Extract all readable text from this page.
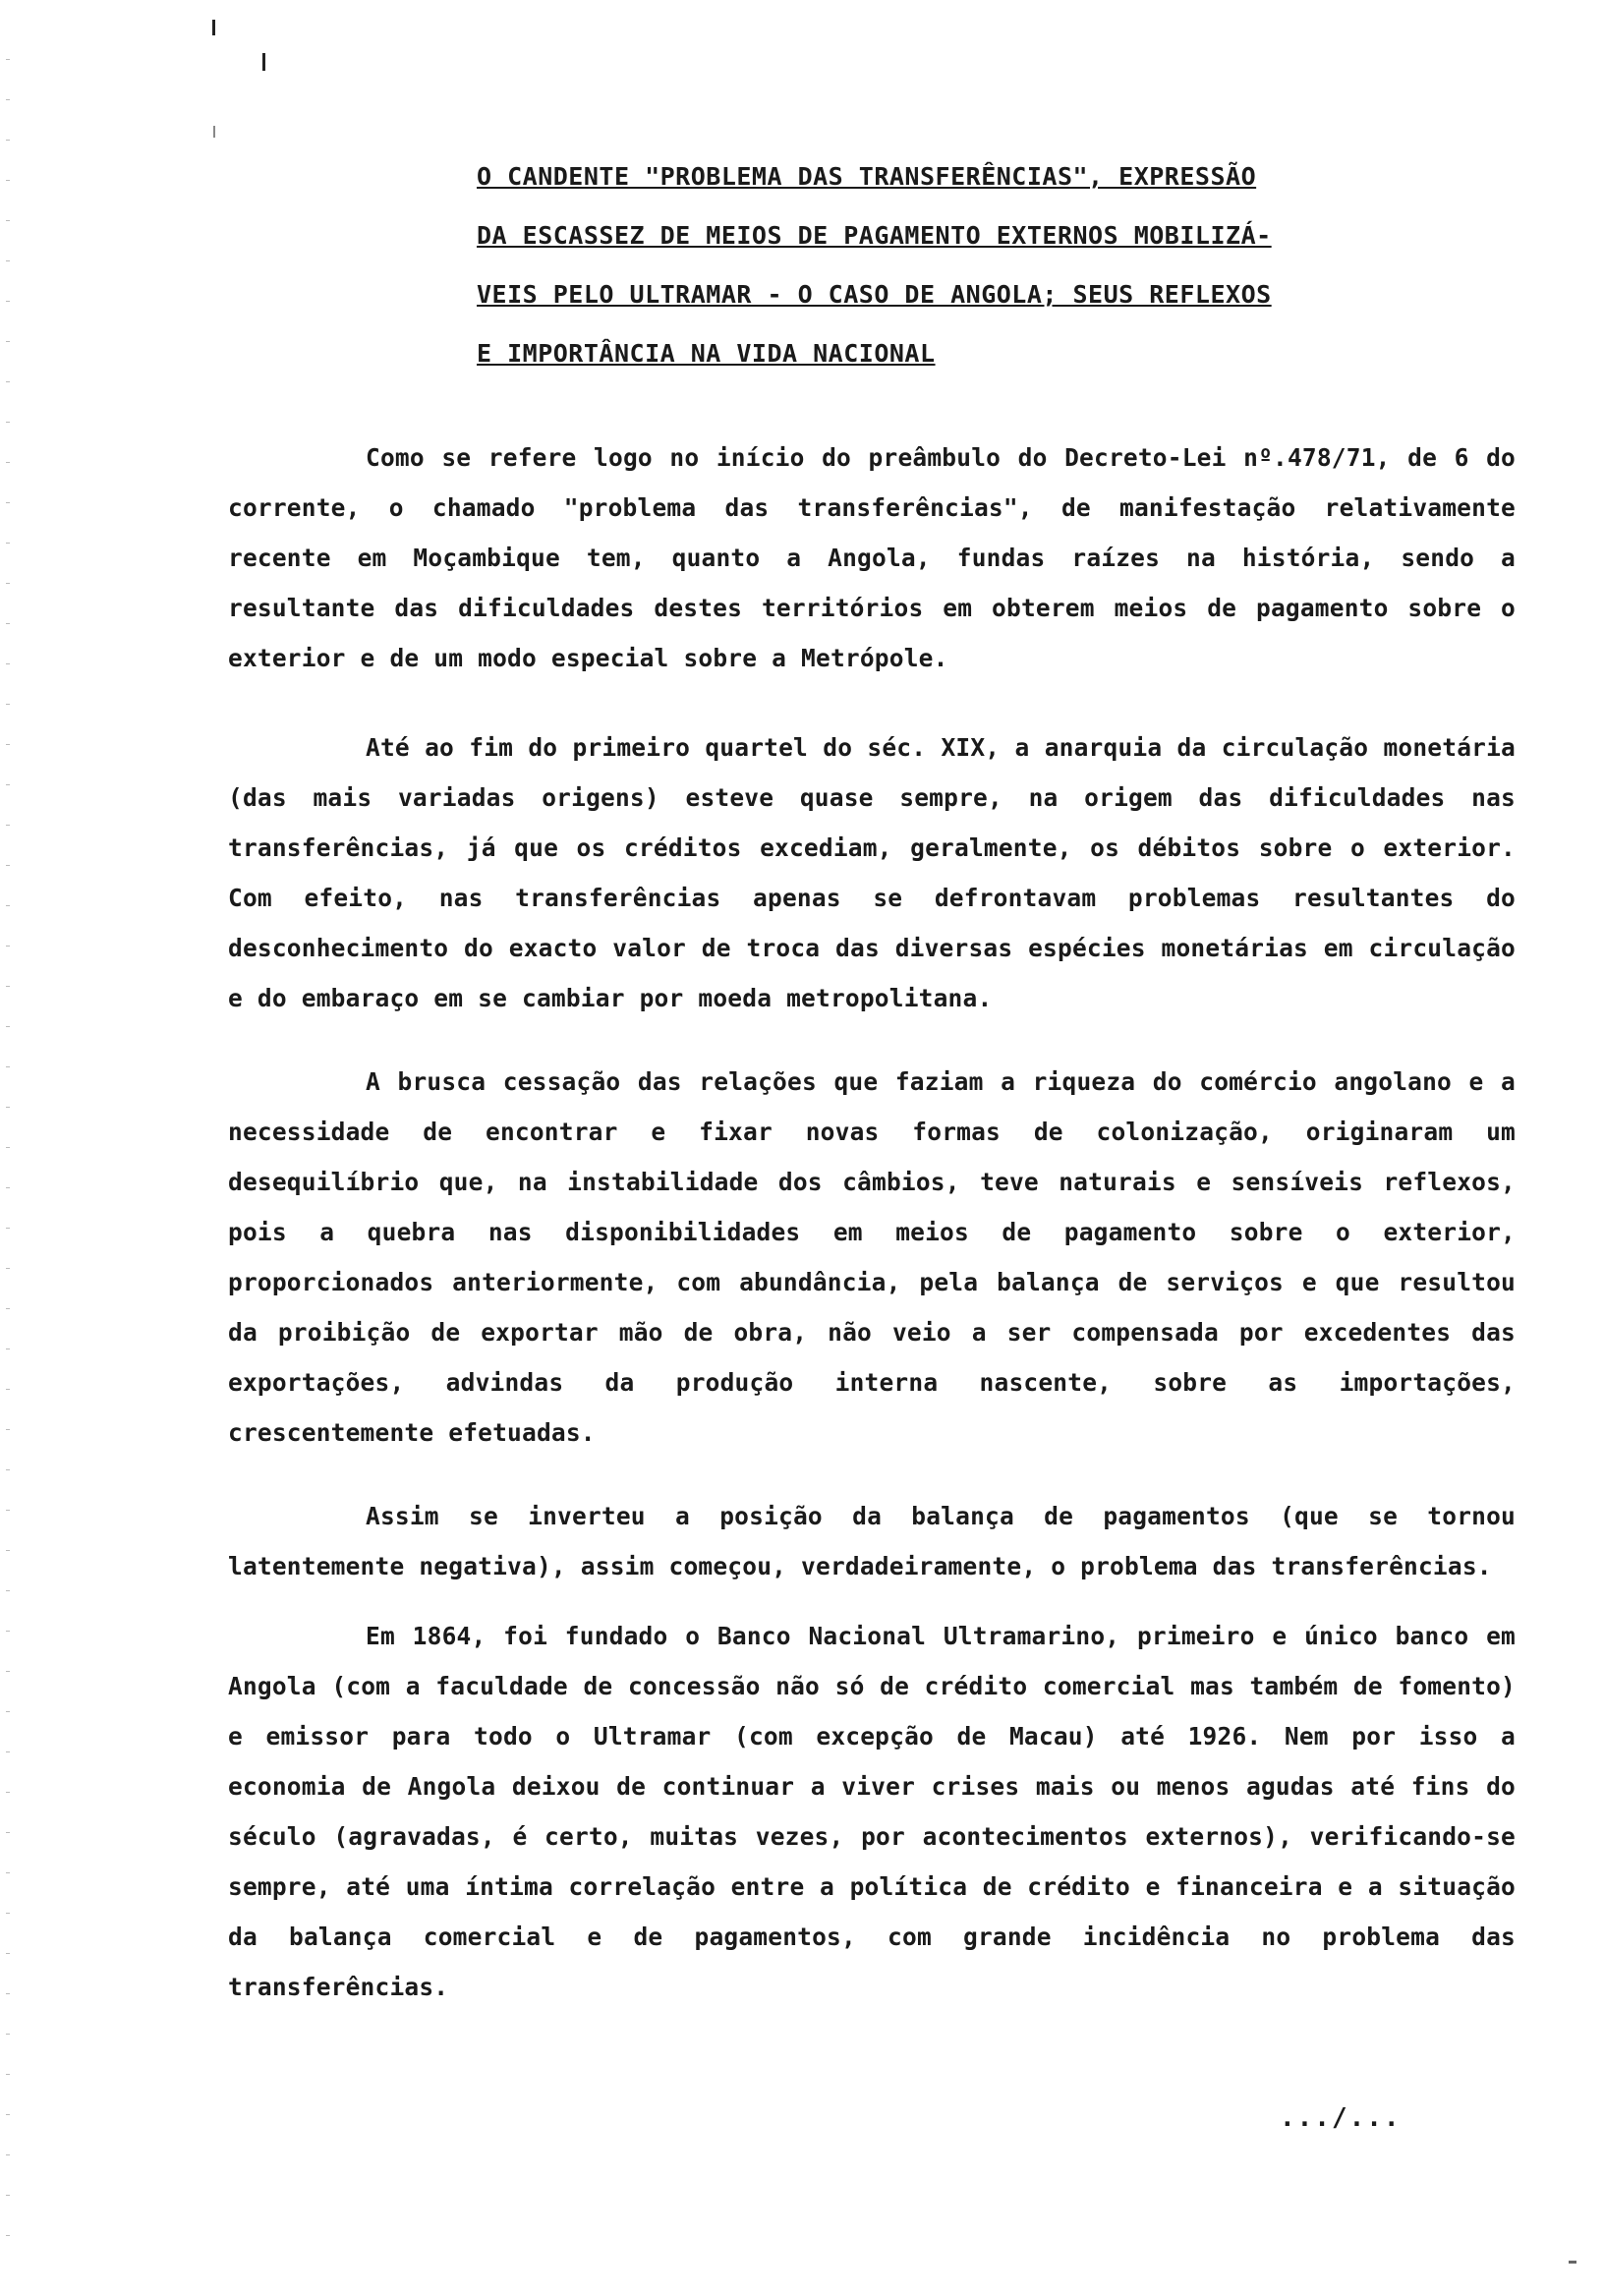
O CANDENTE "PROBLEMA DAS TRANSFERÊNCIAS", EXPRESSÃO
DA ESCASSEZ DE MEIOS DE PAGAMENTO EXTERNOS MOBILIZÁ-
VEIS PELO ULTRAMAR - O CASO DE ANGOLA; SEUS REFLEXOS
E IMPORTÂNCIA NA VIDA NACIONAL

Como se refere logo no início do preâmbulo do Decreto-Lei nº.478/71, de 6 do corrente, o chamado "problema das transferências", de manifestação relativamente recente em Moçambique tem, quanto a Angola, fundas raízes na história, sendo a resultante das dificuldades destes territórios em obterem meios de pagamento sobre o exterior e de um modo especial sobre a Metrópole.

Até ao fim do primeiro quartel do séc. XIX, a anarquia da circulação monetária (das mais variadas origens) esteve quase sempre, na origem das dificuldades nas transferências, já que os créditos excediam, geralmente, os débitos sobre o exterior. Com efeito, nas transferências apenas se defrontavam problemas resultantes do desconhecimento do exacto valor de troca das diversas espécies monetárias em circulação e do embaraço em se cambiar por moeda metropolitana.

A brusca cessação das relações que faziam a riqueza do comércio angolano e a necessidade de encontrar e fixar novas formas de colonização, originaram um desequilíbrio que, na instabilidade dos câmbios, teve naturais e sensíveis reflexos, pois a quebra nas disponibilidades em meios de pagamento sobre o exterior, proporcionados anteriormente, com abundância, pela balança de serviços e que resultou da proibição de exportar mão de obra, não veio a ser compensada por excedentes das exportações, advindas da produção interna nascente, sobre as importações, crescentemente efetuadas.

Assim se inverteu a posição da balança de pagamentos (que se tornou latentemente negativa), assim começou, verdadeiramente, o problema das transferências.

Em 1864, foi fundado o Banco Nacional Ultramarino, primeiro e único banco em Angola (com a faculdade de concessão não só de crédito comercial mas também de fomento) e emissor para todo o Ultramar (com excepção de Macau) até 1926. Nem por isso a economia de Angola deixou de continuar a viver crises mais ou menos agudas até fins do século (agravadas, é certo, muitas vezes, por acontecimentos externos), verificando-se sempre, até uma íntima correlação entre a política de crédito e financeira e a situação da balança comercial e de pagamentos, com grande incidência no problema das transferências.

.../...
